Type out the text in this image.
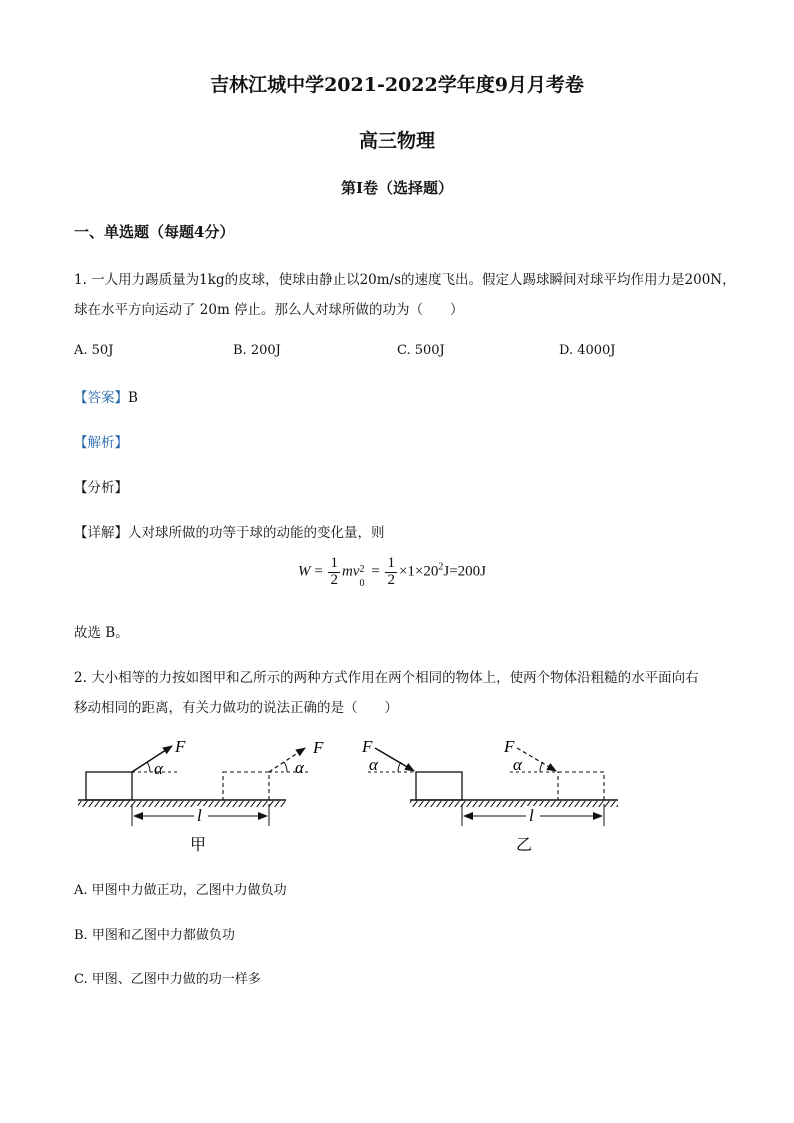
吉林江城中学2021-2022学年度9月月考卷
高三物理
第I卷（选择题）
一、单选题（每题4分）
1. 一人用力踢质量为1kg的皮球，使球由静止以20m/s的速度飞出。假定人踢球瞬间对球平均作用力是200N，
球在水平方向运动了 20m 停止。那么人对球所做的功为（　　）
A. 50J	B. 200J	C. 500J	D. 4000J
【答案】B
【解析】
【分析】
【详解】人对球所做的功等于球的动能的变化量，则
$W = \frac{1}{2}$ mv 2
0
= $\frac{1}{2} \times 1\times 20^2J=200J$
故选 B。
2. 大小相等的力按如图甲和乙所示的两种方式作用在两个相同的物体上，使两个物体沿粗糙的水平面向右
移动相同的距离，有关力做功的说法正确的是（　　）
F	F
α	α
l
甲
F	F
α	α
l
乙
A. 甲图中力做正功，乙图中力做负功
B. 甲图和乙图中力都做负功
C. 甲图、乙图中力做的功一样多
